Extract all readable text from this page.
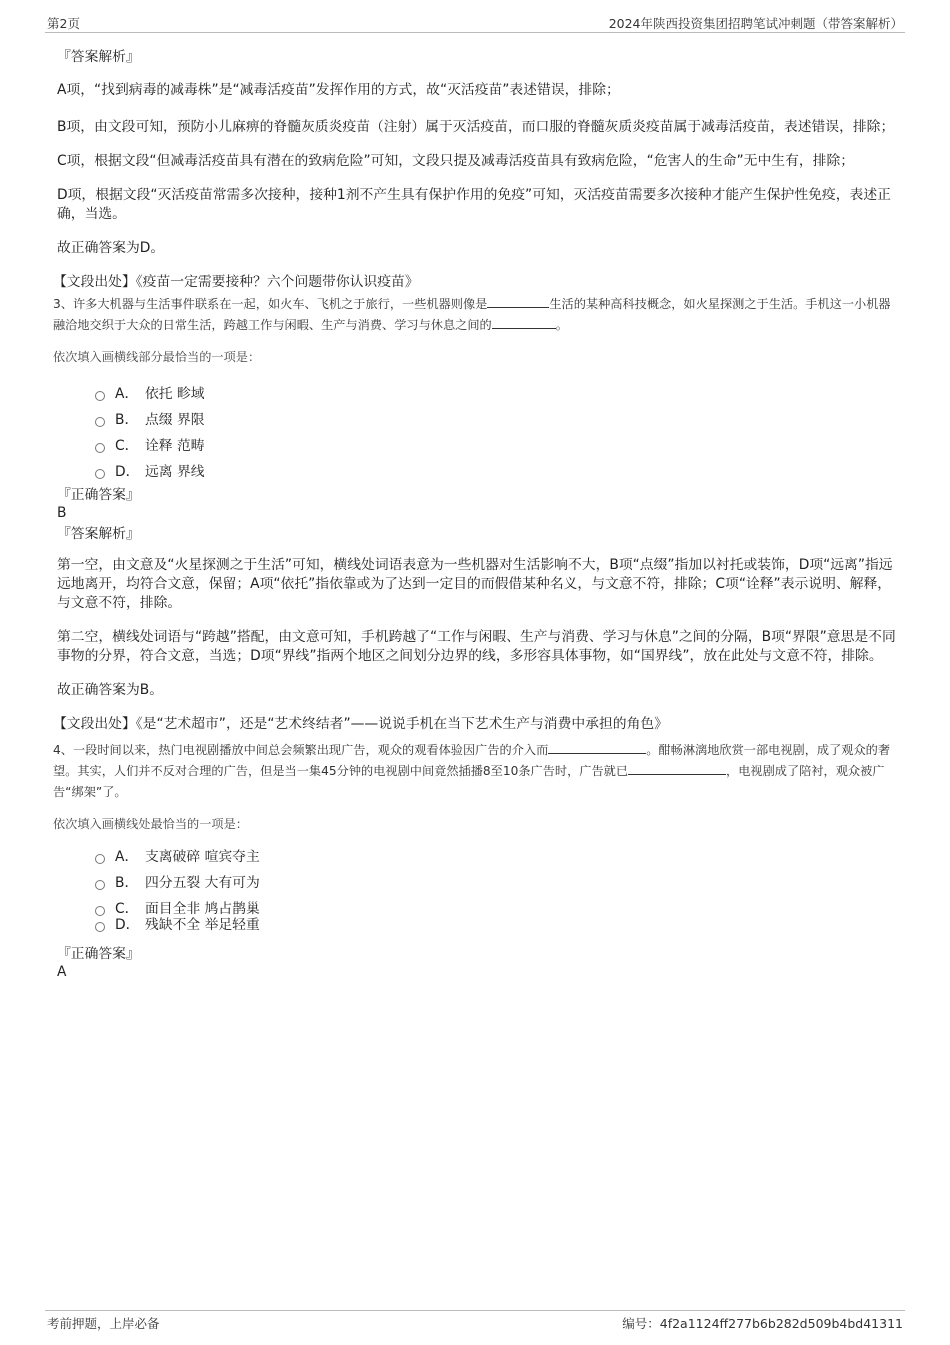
第2页	2024年陕西投资集团招聘笔试冲刺题（带答案解析）
『答案解析』

A项，“找到病毒的减毒株”是“减毒活疫苗”发挥作用的方式，故“灭活疫苗”表述错误，排除；

B项，由文段可知，预防小儿麻痹的脊髓灰质炎疫苗（注射）属于灭活疫苗，而口服的脊髓灰质炎疫苗属于减毒活疫苗，表述错误，排除；

C项，根据文段“但减毒活疫苗具有潜在的致病危险”可知，文段只提及减毒活疫苗具有致病危险，“危害人的生命”无中生有，排除；

D项，根据文段“灭活疫苗常需多次接种，接种1剂不产生具有保护作用的免疫”可知，灭活疫苗需要多次接种才能产生保护性免疫，表述正确，当选。

故正确答案为D。

【文段出处】《疫苗一定需要接种？六个问题带你认识疫苗》

3、许多大机器与生活事件联系在一起，如火车、飞机之于旅行，一些机器则像是	生活的某种高科技概念，如火星探测之于生活。手机这一小机器融洽地交织于大众的日常生活，跨越工作与闲暇、生产与消费、学习与休息之间的	。

依次填入画横线部分最恰当的一项是：

A． 依托 畛域
B． 点缀 界限
C． 诠释 范畴
D． 远离 界线
『正确答案』
B
『答案解析』

第一空，由文意及“火星探测之于生活”可知，横线处词语表意为一些机器对生活影响不大，B项“点缀”指加以衬托或装饰，D项“远离”指远远地离开，均符合文意，保留；A项“依托”指依靠或为了达到一定目的而假借某种名义，与文意不符，排除；C项“诠释”表示说明、解释，与文意不符，排除。

第二空，横线处词语与“跨越”搭配，由文意可知，手机跨越了“工作与闲暇、生产与消费、学习与休息”之间的分隔，B项“界限”意思是不同事物的分界，符合文意，当选；D项“界线”指两个地区之间划分边界的线，多形容具体事物，如“国界线”，放在此处与文意不符，排除。

故正确答案为B。

【文段出处】《是“艺术超市”，还是“艺术终结者”——说说手机在当下艺术生产与消费中承担的角色》

4、一段时间以来，热门电视剧播放中间总会频繁出现广告，观众的观看体验因广告的介入而	。酣畅淋漓地欣赏一部电视剧，成了观众的奢望。其实，人们并不反对合理的广告，但是当一集45分钟的电视剧中间竟然插播8至10条广告时，广告就已	，电视剧成了陪衬，观众被广告“绑架”了。

依次填入画横线处最恰当的一项是：

A． 支离破碎 喧宾夺主
B． 四分五裂 大有可为
C． 面目全非 鸠占鹊巢
D． 残缺不全 举足轻重
『正确答案』
A
考前押题，上岸必备	编号：4f2a1124ff277b6b282d509b4bd41311
